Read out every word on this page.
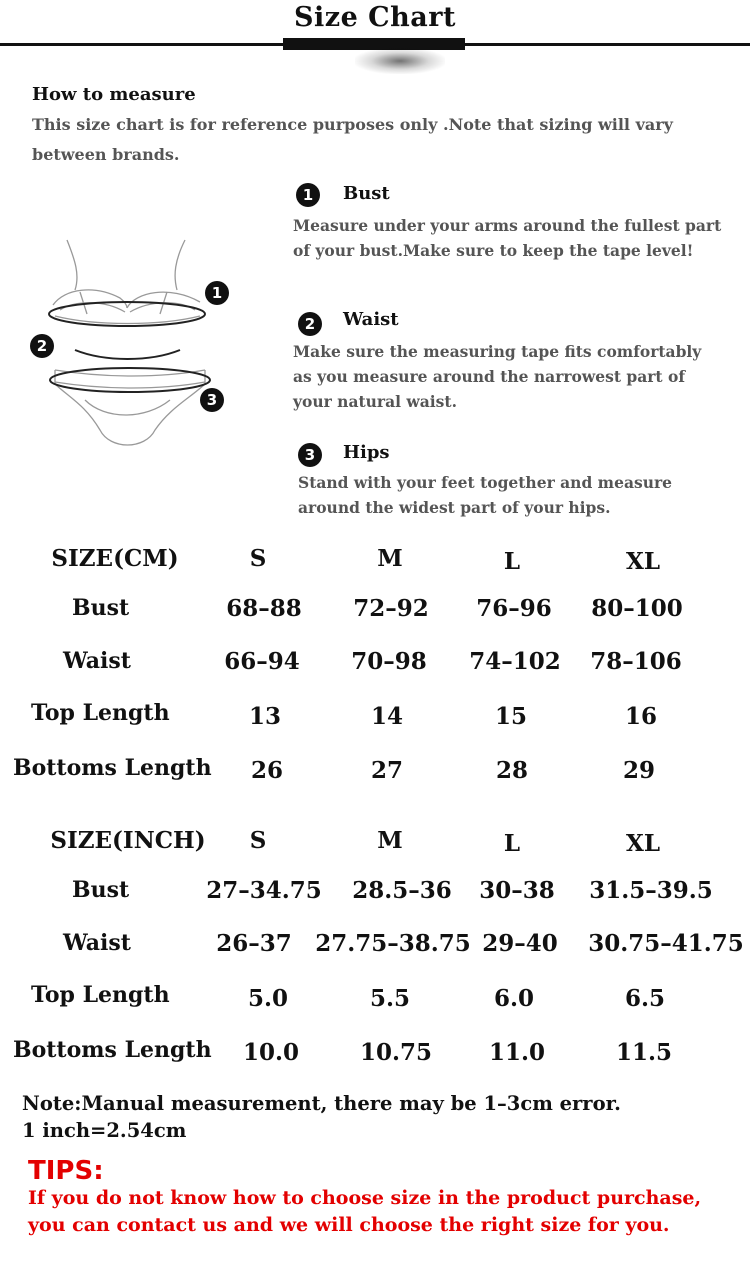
Size Chart
How to measure
This size chart is for reference purposes only .Note that sizing will vary between brands.
1
2
3
1	Bust
Measure under your arms around the fullest part of your bust.Make sure to keep the tape level!
2	Waist
Make sure the measuring tape fits comfortably as you measure around the narrowest part of your natural waist.
3	Hips
Stand with your feet together and measure around the widest part of your hips.
SIZE(CM)	S	M	L	XL
Bust	68–88 72–92 76–96 80–100
Waist	66–94 70–98 74–102 78–106
Top Length	13	14	15	16
Bottoms Length 26	27	28	29
SIZE(INCH) S	M	L	XL
Bust	27–34.75 28.5–36 30–38 31.5–39.5
Waist	26–37 27.75–38.75 29–40 30.75–41.75
Top Length	5.0	5.5	6.0	6.5
Bottoms Length 10.0	10.75 11.0	11.5
Note:Manual measurement, there may be 1–3cm error.
1 inch=2.54cm
TIPS:
If you do not know how to choose size in the product purchase, you can contact us and we will choose the right size for you.
